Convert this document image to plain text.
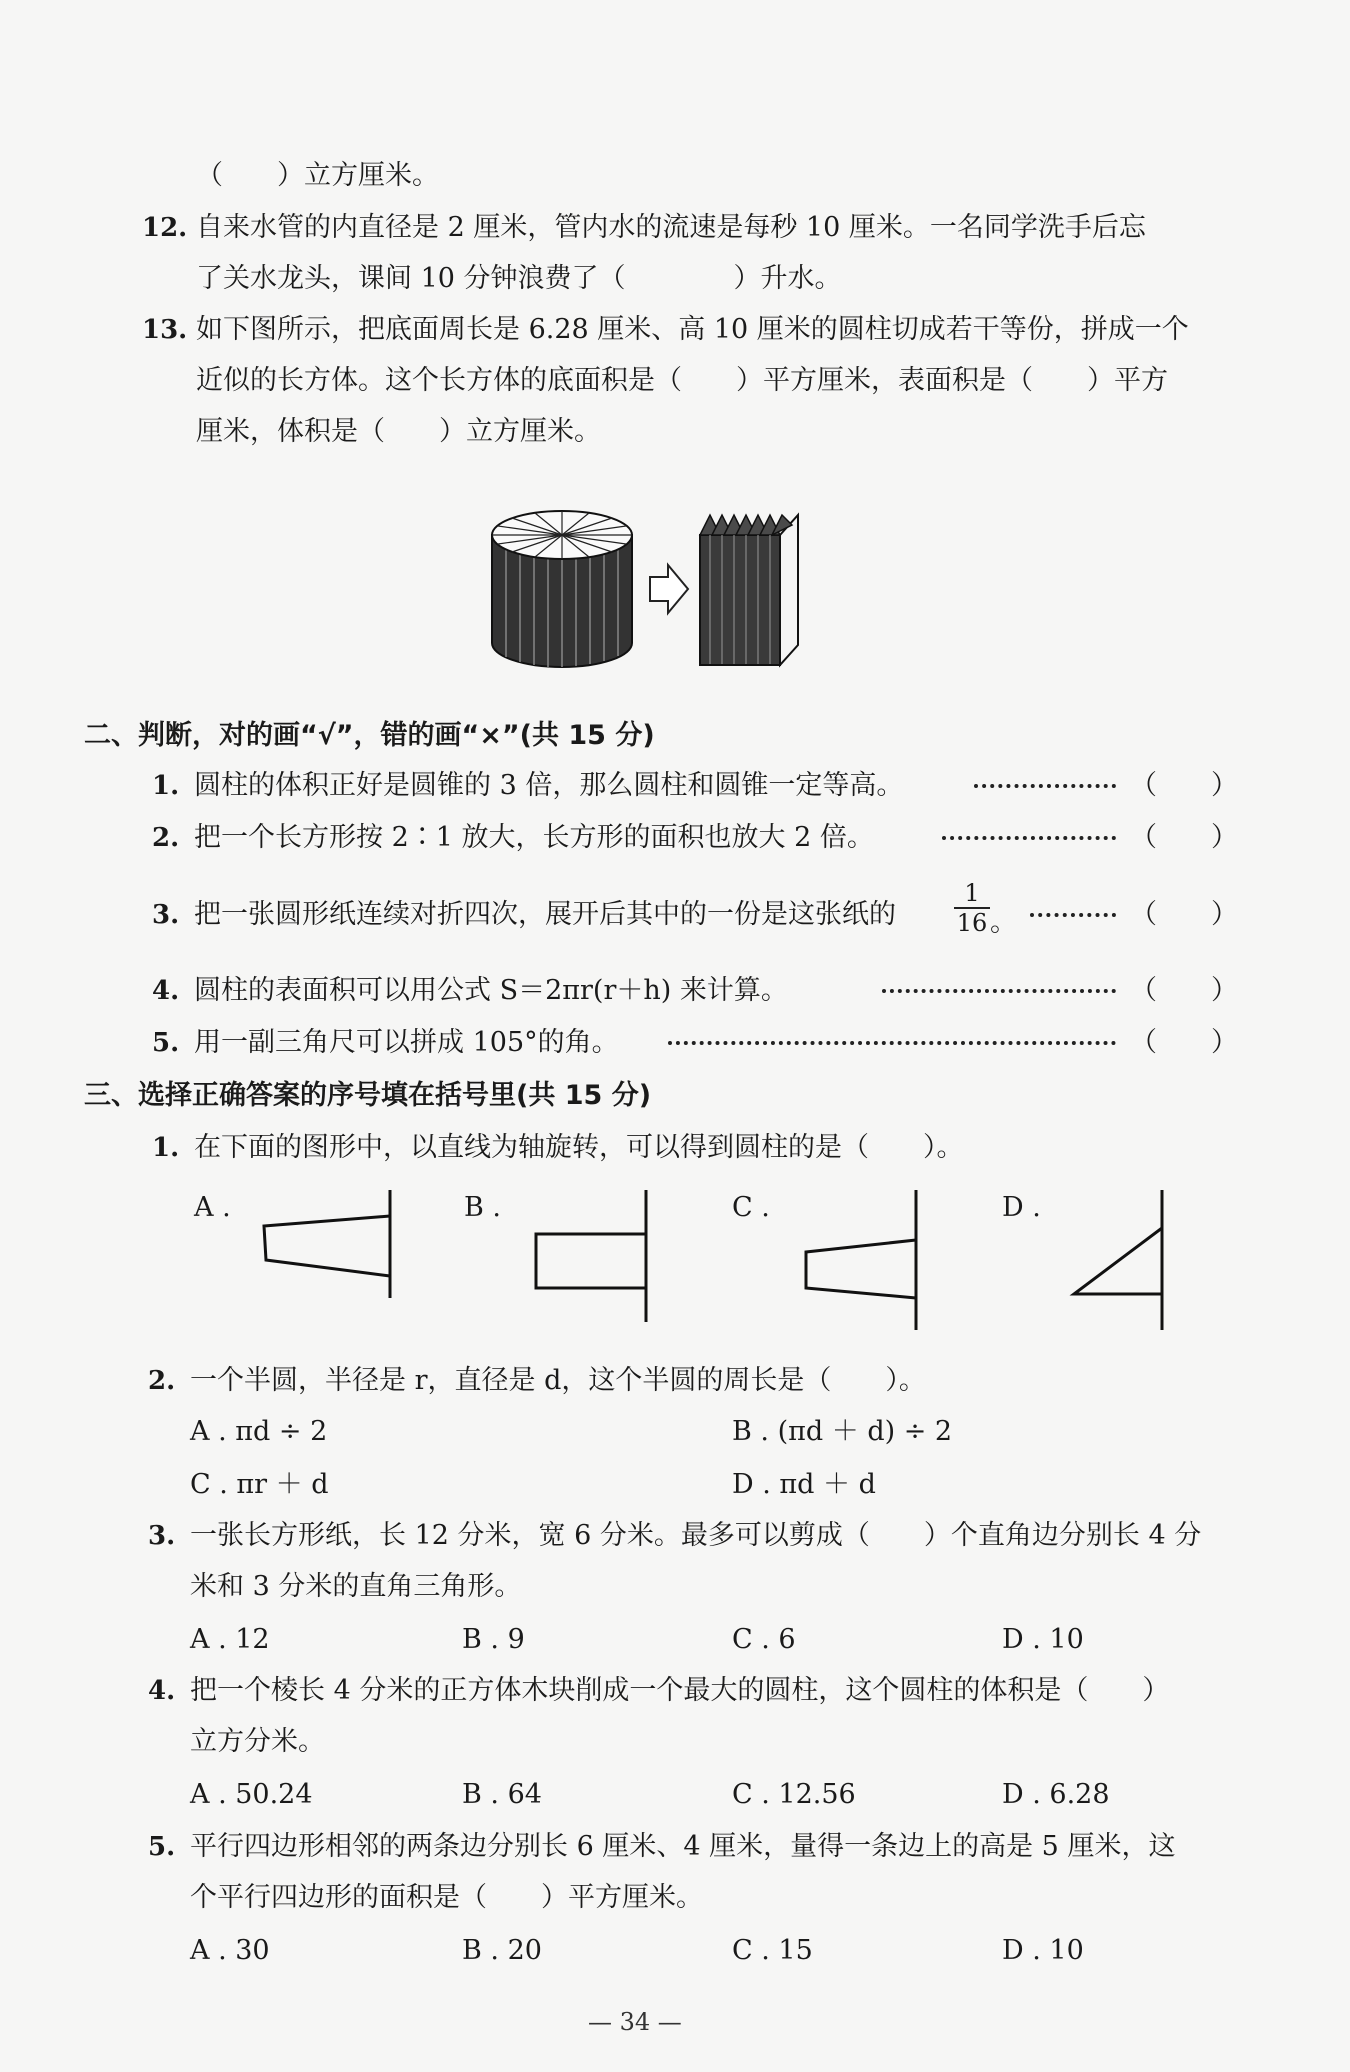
（　　）立方厘米。
12. 自来水管的内直径是 2 厘米，管内水的流速是每秒 10 厘米。一名同学洗手后忘
了关水龙头，课间 10 分钟浪费了（　　　　）升水。
13. 如下图所示，把底面周长是 6.28 厘米、高 10 厘米的圆柱切成若干等份，拼成一个
近似的长方体。这个长方体的底面积是（　　）平方厘米，表面积是（　　）平方
厘米，体积是（　　）立方厘米。
二、判断，对的画“√”，错的画“×”(共 15 分)
1. 圆柱的体积正好是圆锥的 3 倍，那么圆柱和圆锥一定等高。	（　　）
2. 把一个长方形按 2∶1 放大，长方形的面积也放大 2 倍。	（　　）
3. 把一张圆形纸连续对折四次，展开后其中的一份是这张纸的
1
16 。	（　　）
4. 圆柱的表面积可以用公式 S＝2πr(r＋h) 来计算。	（　　）
5. 用一副三角尺可以拼成 105°的角。	（　　）
三、选择正确答案的序号填在括号里(共 15 分)
1. 在下面的图形中，以直线为轴旋转，可以得到圆柱的是（　　）。
A .	B .	C .	D .
2. 一个半圆，半径是 r，直径是 d，这个半圆的周长是（　　）。
A . πd ÷ 2	B . (πd ＋ d) ÷ 2
C . πr ＋ d	D . πd ＋ d
3. 一张长方形纸，长 12 分米，宽 6 分米。最多可以剪成（　　）个直角边分别长 4 分
米和 3 分米的直角三角形。
A . 12	B . 9	C . 6	D . 10
4. 把一个棱长 4 分米的正方体木块削成一个最大的圆柱，这个圆柱的体积是（　　）
立方分米。
A . 50.24	B . 64	C . 12.56	D . 6.28
5. 平行四边形相邻的两条边分别长 6 厘米、4 厘米，量得一条边上的高是 5 厘米，这
个平行四边形的面积是（　　）平方厘米。
A . 30	B . 20	C . 15	D . 10
— 34 —
